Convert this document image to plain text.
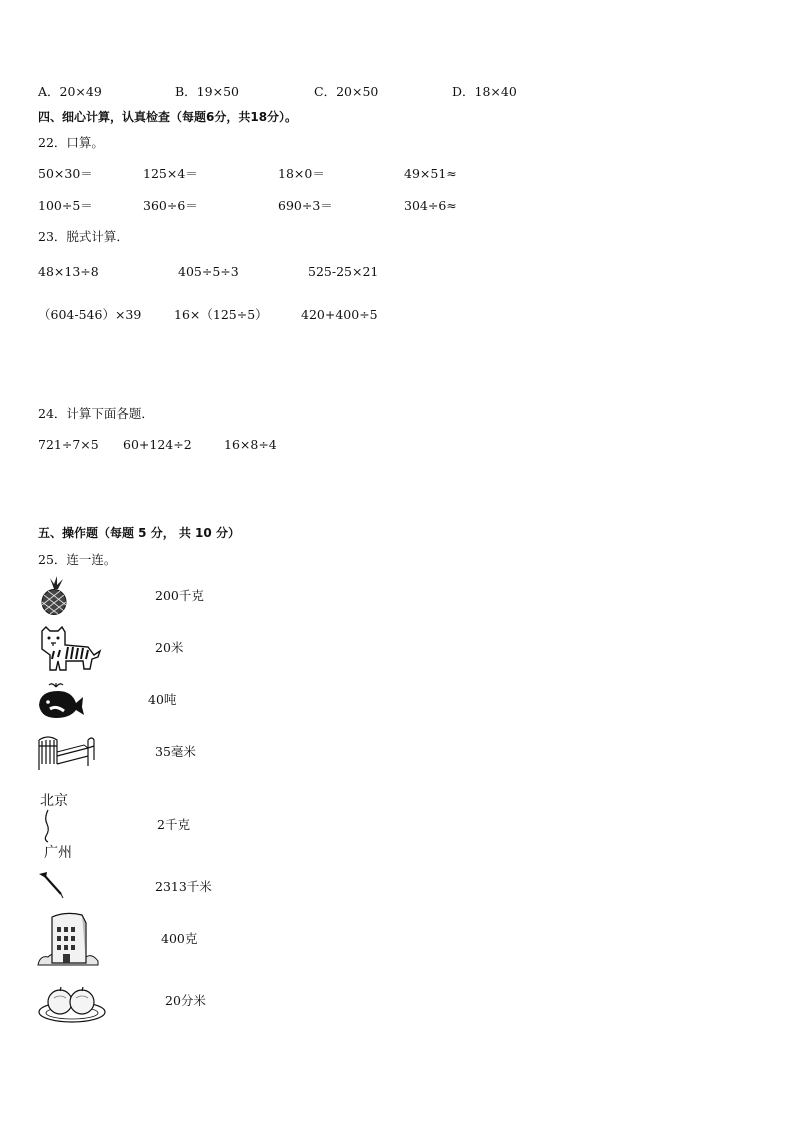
A．20×49	B．19×50	C．20×50	D．18×40
四、细心计算，认真检查（每题6分，共18分）。
22．口算。
50×30＝	125×4＝	18×0＝	49×51≈
100÷5＝	360÷6＝	690÷3＝	304÷6≈
23．脱式计算．
48×13÷8	405÷5÷3	525-25×21
（604-546）×39	16×（125÷5）	420+400÷5
24．计算下面各题．
721÷7×5 60+124÷2	16×8÷4
五、操作题（每题 5 分， 共 10 分）
25．连一连。
200千克
20米
40吨
35毫米
2千克
2313千米
400克
20分米
北京
广州
